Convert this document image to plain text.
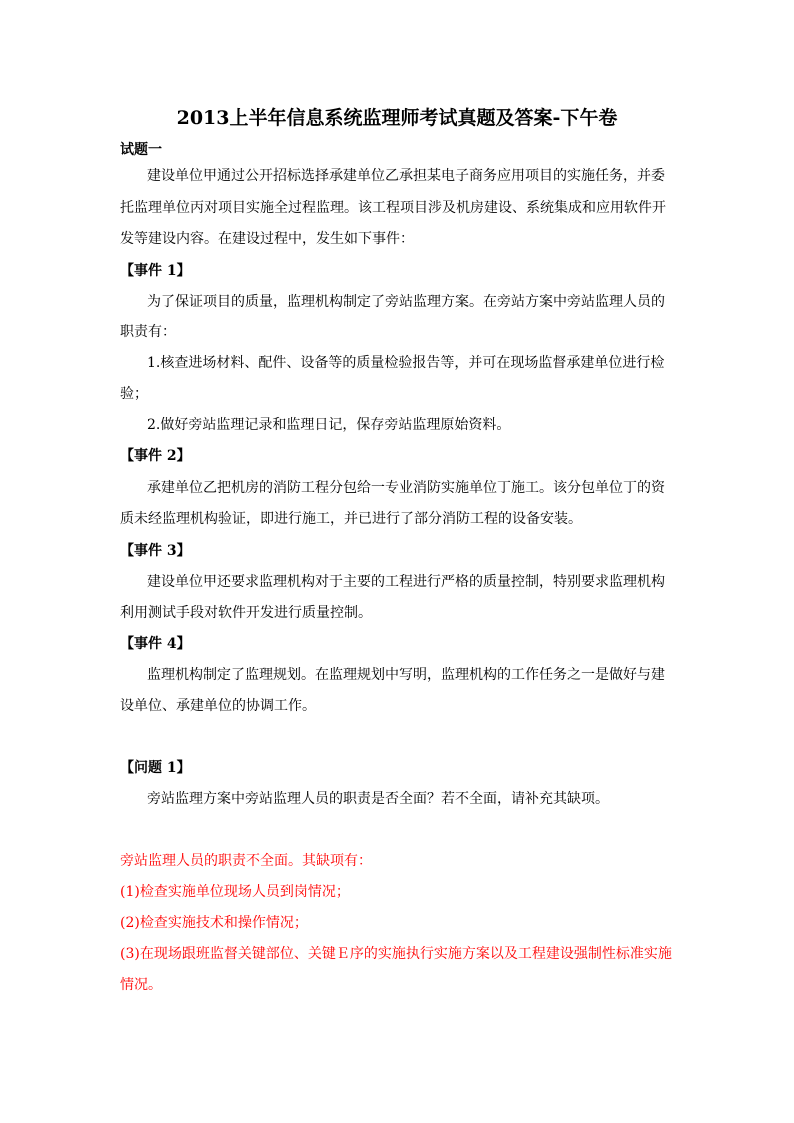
2013上半年信息系统监理师考试真题及答案-下午卷

试题一

建设单位甲通过公开招标选择承建单位乙承担某电子商务应用项目的实施任务，并委

托监理单位丙对项目实施全过程监理。该工程项目涉及机房建设、系统集成和应用软件开

发等建设内容。在建设过程中，发生如下事件：

【事件 1】

为了保证项目的质量，监理机构制定了旁站监理方案。在旁站方案中旁站监理人员的

职责有：

1.核查进场材料、配件、设备等的质量检验报告等，并可在现场监督承建单位进行检

验；

2.做好旁站监理记录和监理日记，保存旁站监理原始资料。

【事件 2】

承建单位乙把机房的消防工程分包给一专业消防实施单位丁施工。该分包单位丁的资

质未经监理机构验证，即进行施工，并已进行了部分消防工程的设备安装。

【事件 3】

建设单位甲还要求监理机构对于主要的工程进行严格的质量控制，特别要求监理机构

利用测试手段对软件开发进行质量控制。

【事件 4】

监理机构制定了监理规划。在监理规划中写明，监理机构的工作任务之一是做好与建

设单位、承建单位的协调工作。

【问题 1】

旁站监理方案中旁站监理人员的职责是否全面？若不全面，请补充其缺项。

旁站监理人员的职责不全面。其缺项有：

(1)检查实施单位现场人员到岗情况；

(2)检查实施技术和操作情况；

(3)在现场跟班监督关键部位、关键Ｅ序的实施执行实施方案以及工程建设强制性标准实施

情况。
